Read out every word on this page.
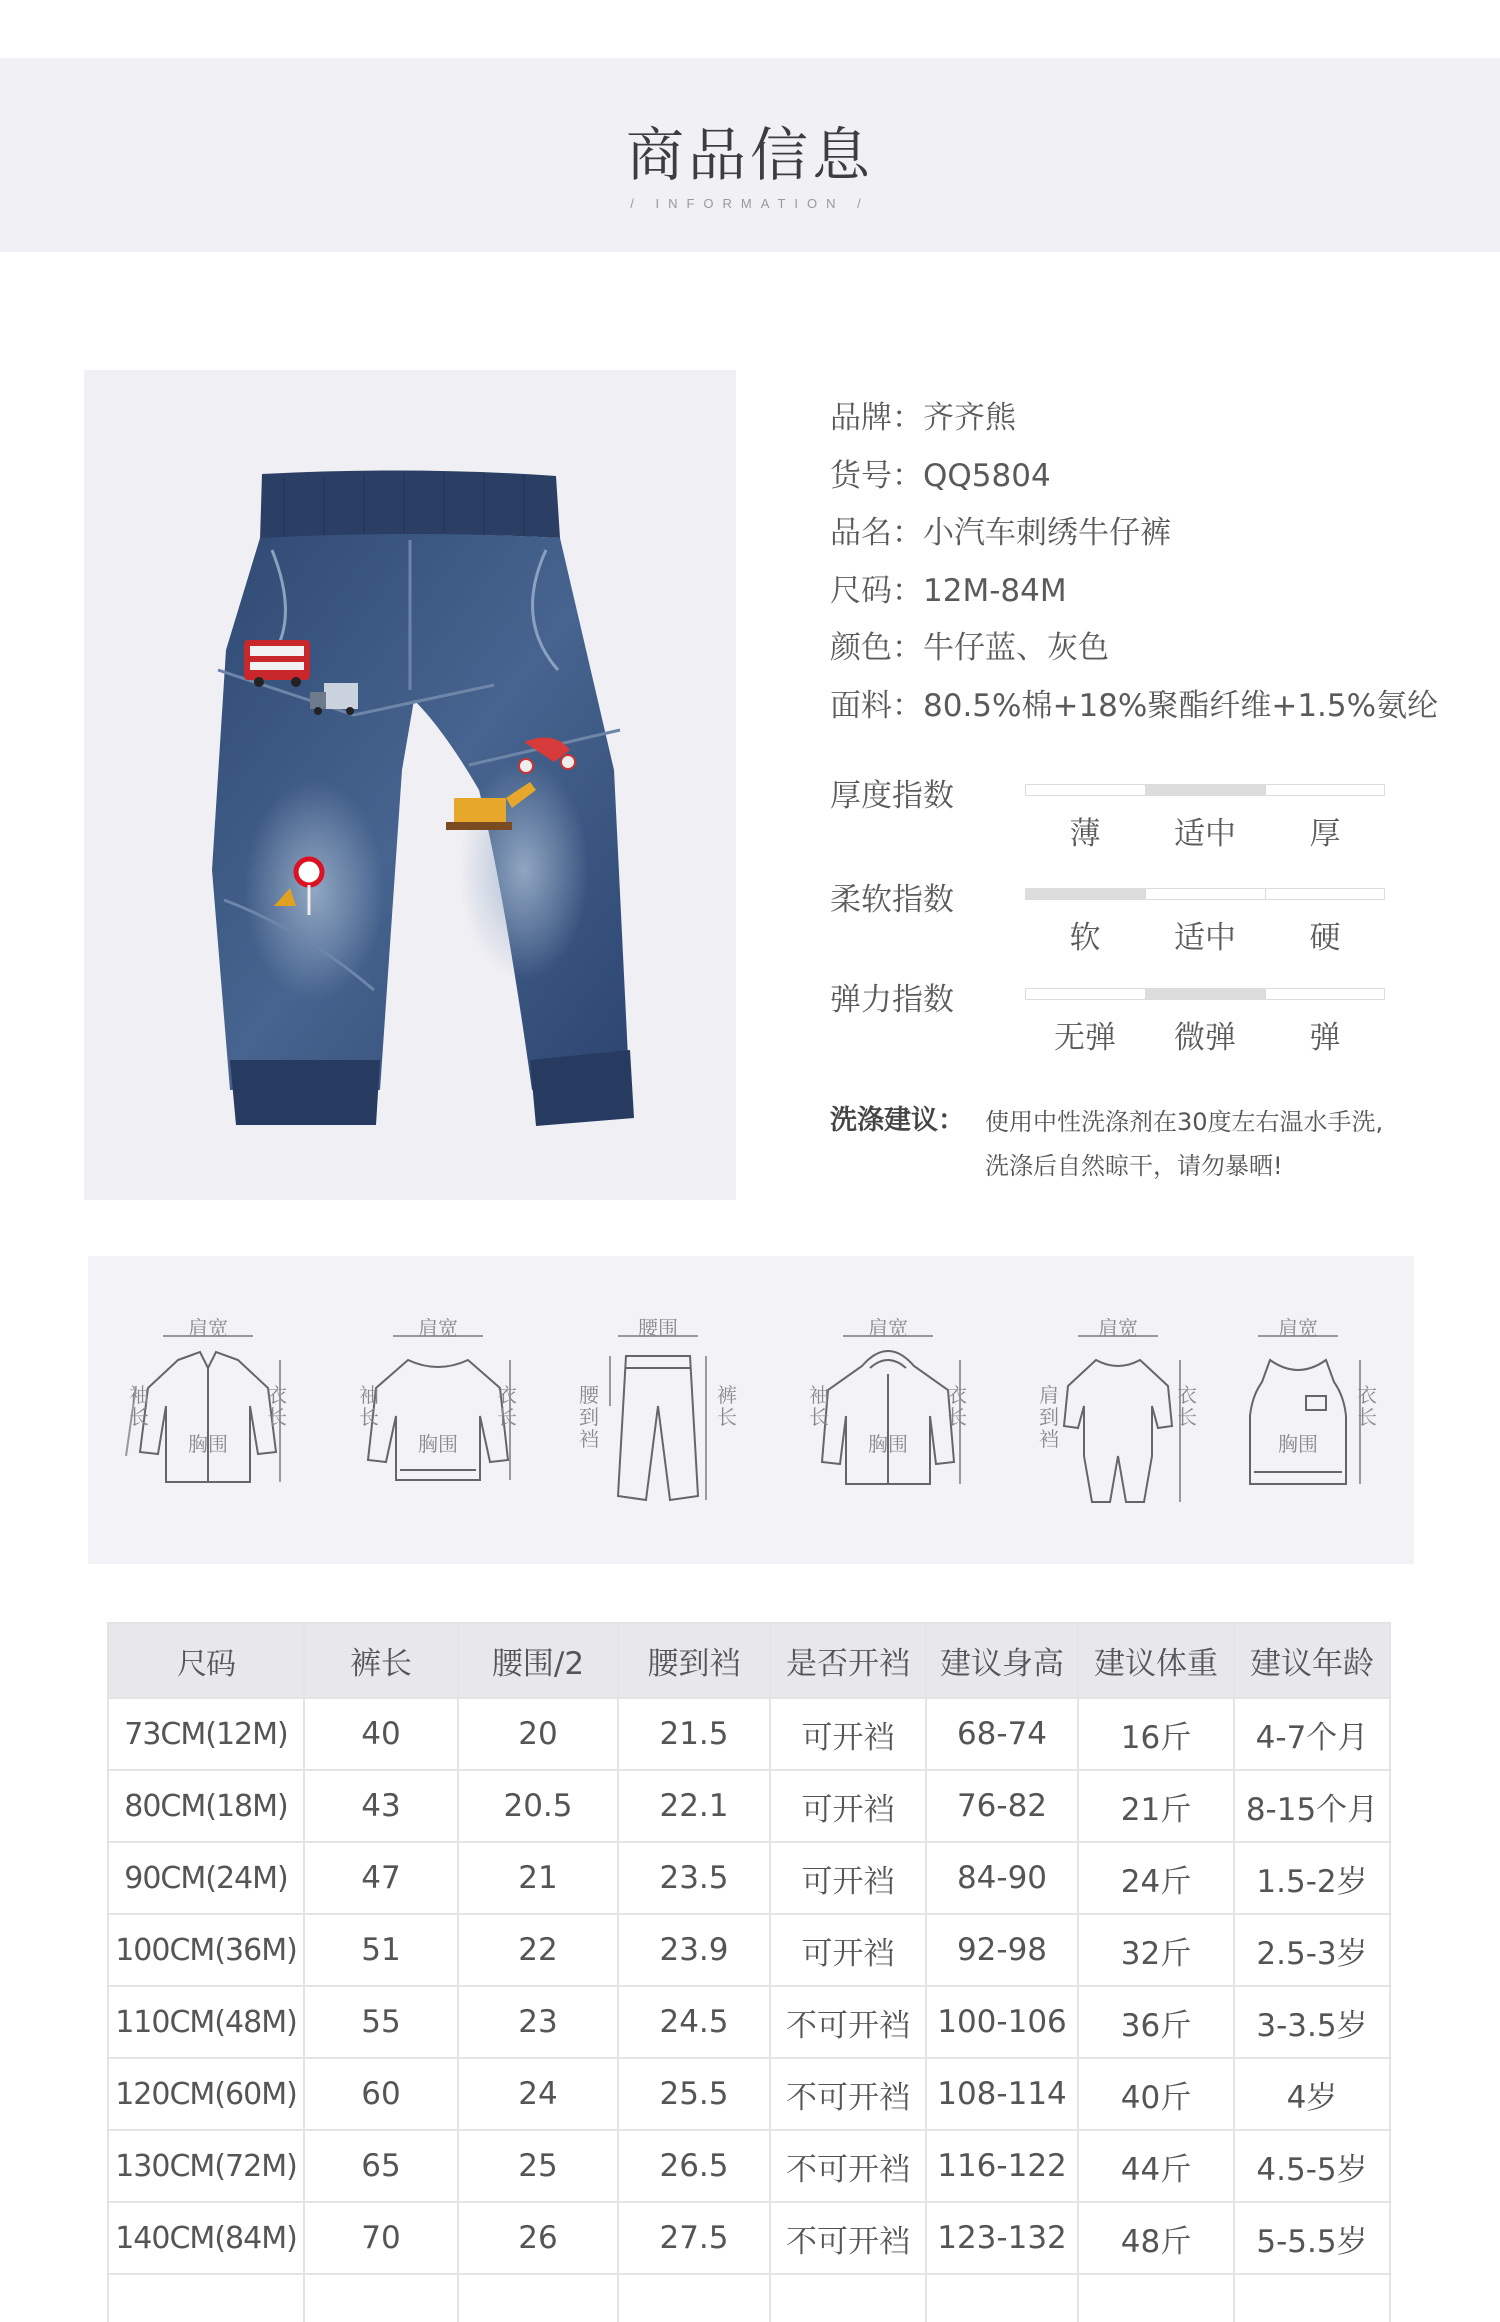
商品信息
/ INFORMATION /
品牌：齐齐熊
货号：QQ5804
品名：小汽车刺绣牛仔裤
尺码：12M-84M
颜色：牛仔蓝、灰色
面料：80.5%棉+18%聚酯纤维+1.5%氨纶
厚度指数
薄	适中	厚
柔软指数
软	适中	硬
弹力指数
无弹	微弹	弹
洗涤建议： 使用中性洗涤剂在30度左右温水手洗,
洗涤后自然晾干，请勿暴晒!
肩宽
胸围
袖长
衣长
肩宽
胸围
袖长
衣长
腰围
腰到裆
裤长
肩宽
胸围
袖长
衣长
肩宽
肩到裆
衣长
肩宽
胸围
衣长
尺码	裤长	腰围/2	腰到裆	是否开裆	建议身高	建议体重	建议年龄
73CM(12M)	40	20	21.5	可开裆	68-74	16斤	4-7个月
80CM(18M)	43	20.5	22.1	可开裆	76-82	21斤	8-15个月
90CM(24M)	47	21	23.5	可开裆	84-90	24斤	1.5-2岁
100CM(36M)	51	22	23.9	可开裆	92-98	32斤	2.5-3岁
110CM(48M)	55	23	24.5	不可开裆	100-106	36斤	3-3.5岁
120CM(60M)	60	24	25.5	不可开裆	108-114	40斤	4岁
130CM(72M)	65	25	26.5	不可开裆	116-122	44斤	4.5-5岁
140CM(84M)	70	26	27.5	不可开裆	123-132	48斤	5-5.5岁
